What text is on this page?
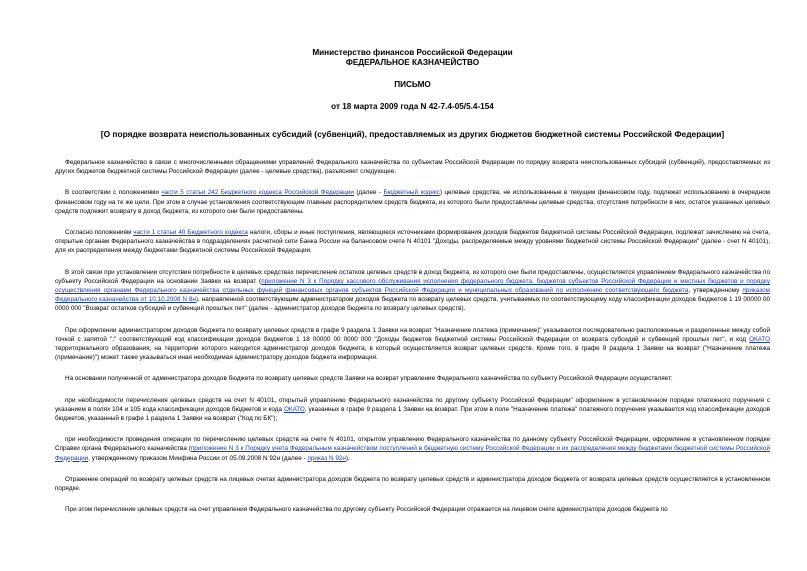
Министерство финансов Российской Федерации
ФЕДЕРАЛЬНОЕ КАЗНАЧЕЙСТВО
ПИСЬМО
от 18 марта 2009 года N 42-7.4-05/5.4-154
[О порядке возврата неиспользованных субсидий (субвенций), предоставляемых из других бюджетов бюджетной системы Российской Федерации]

Федеральное казначейство в связи с многочисленными обращениями управлений Федерального казначейства по субъектам Российской Федерации по порядку возврата неиспользованных субсидий (субвенций), предоставляемых из других бюджетов бюджетной системы Российской Федерации (далее - целевые средства), разъясняет следующее.

В соответствии с положениями части 5 статьи 242 Бюджетного кодекса Российской Федерации (далее - Бюджетный кодекс) целевые средства, не использованные в текущем финансовом году, подлежат использованию в очередном финансовом году на те же цели. При этом в случае установления соответствующим главным распорядителем средств бюджета, из которого были предоставлены целевые средства, отсутствия потребности в них, остаток указанных целевых средств подлежит возврату в доход бюджета, из которого они были предоставлены.

Согласно положениям части 1 статьи 40 Бюджетного кодекса налоги, сборы и иные поступления, являющиеся источниками формирования доходов бюджетов бюджетной системы Российской Федерации, подлежат зачислению на счета, открытые органам Федерального казначейства в подразделениях расчетной сети Банка России на балансовом счете N 40101 "Доходы, распределяемые между уровнями бюджетной системы Российской Федерации" (далее - счет N 40101), для их распределения между бюджетами бюджетной системы Российской Федерации.

В этой связи при установлении отсутствия потребности в целевых средствах перечисление остатков целевых средств в доход бюджета, из которого они были предоставлены, осуществляется управлением Федерального казначейства по субъекту Российской Федерации на основании Заявки на возврат (приложение N 3 к Порядку кассового обслуживания исполнения федерального бюджета, бюджетов субъектов Российской Федерации и местных бюджетов и порядку осуществления органами Федерального казначейства отдельных функций финансовых органов субъектов Российской Федерации и муниципальных образований по исполнению соответствующего бюджета, утвержденному приказом Федерального казначейства от 10.10.2008 N 8н), направленной соответствующим администратором доходов бюджета по возврату целевых средств, учитываемых по соответствующему коду классификации доходов бюджетов 1 19 00000 00 0000 000 "Возврат остатков субсидий и субвенций прошлых лет" (далее - администратор доходов бюджета по возврату целевых средств).

При оформлении администратором доходов бюджета по возврату целевых средств в графе 9 раздела 1 Заявки на возврат "Назначение платежа (примечание)" указываются последовательно расположенные и разделенные между собой точкой с запятой ";" соответствующий код классификации доходов бюджетов 1 18 00000 00 0000 000 "Доходы бюджетов бюджетной системы Российской Федерации от возврата субсидий и субвенций прошлых лет", и код ОКАТО территориального образования, на территории которого находится администратор доходов бюджета, в который осуществляется возврат целевых средств. Кроме того, в графе 9 раздела 1 Заявки на возврат ("Назначение платежа (примечание)") может также указываться иная необходимая администратору доходов бюджета информация.

На основании полученной от администратора доходов бюджета по возврату целевых средств Заявки на возврат управление Федерального казначейства по субъекту Российской Федерации осуществляет:

при необходимости перечисления целевых средств на счет N 40101, открытый управлению Федерального казначейства по другому субъекту Российской Федерации" оформление в установленном порядке платежного поручения с указанием в полях 104 и 105 кода классификации доходов бюджетов и кода ОКАТО, указанных в графе 9 раздела 1 Заявки на возврат. При этом в поле "Назначение платежа" платежного поручения указывается код классификации доходов бюджетов, указанный в графе 1 раздела 1 Заявки на возврат ("Код по БК");

при необходимости проведения операции по перечислению целевых средств на счете N 40101, открытом управлению Федерального казначейства по данному субъекту Российской Федерации, оформление в установленном порядке Справки органа Федерального казначейства (приложение N 3 к Порядку учета Федеральным казначейством поступлений в бюджетную систему Российской Федерации и их распределения между бюджетами бюджетной системы Российской Федерации, утвержденному приказом Минфина России от 05.09.2008 N 92н (далее - приказ N 92н).

Отражение операций по возврату целевых средств на лицевых счетах администратора доходов бюджета по возврату целевых средств и администратора доходов бюджета от возврата целевых средств осуществляется в установленном порядке.

При этом перечисление целевых средств на счет управления Федерального казначейства по другому субъекту Российской Федерации отражается на лицевом счете администратора доходов бюджета по
